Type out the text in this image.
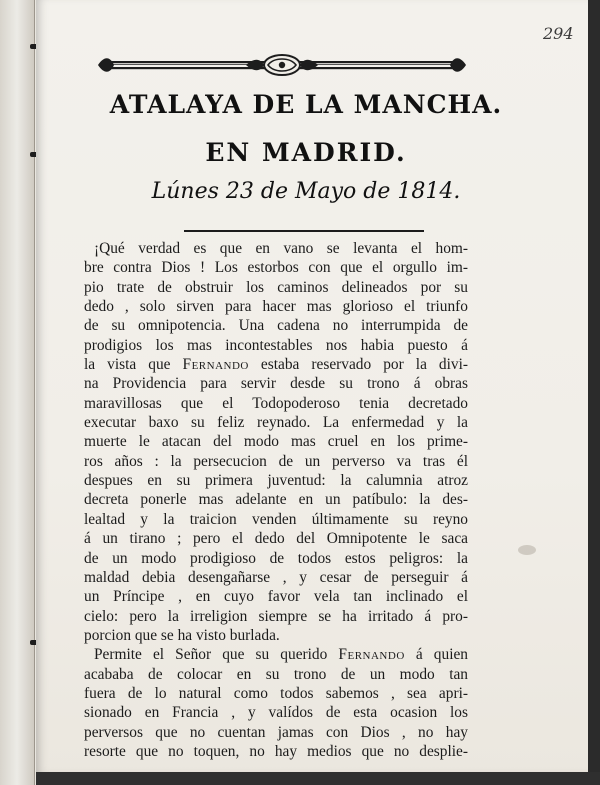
294
ATALAYA DE LA MANCHA.
EN MADRID.
Lúnes 23 de Mayo de 1814.
¡Qué verdad es que en vano se levanta el hom-
bre contra Dios ! Los estorbos con que el orgullo im-
pio trate de obstruir los caminos delineados por su
dedo , solo sirven para hacer mas glorioso el triunfo
de su omnipotencia. Una cadena no interrumpida de
prodigios los mas incontestables nos habia puesto á
la vista que Fernando estaba reservado por la divi-
na Providencia para servir desde su trono á obras
maravillosas que el Todopoderoso tenia decretado
executar baxo su feliz reynado. La enfermedad y la
muerte le atacan del modo mas cruel en los prime-
ros años : la persecucion de un perverso va tras él
despues en su primera juventud: la calumnia atroz
decreta ponerle mas adelante en un patíbulo: la des-
lealtad y la traicion venden últimamente su reyno
á un tirano ; pero el dedo del Omnipotente le saca
de un modo prodigioso de todos estos peligros: la
maldad debia desengañarse , y cesar de perseguir á
un Príncipe , en cuyo favor vela tan inclinado el
cielo: pero la irreligion siempre se ha irritado á pro-
porcion que se ha visto burlada.
Permite el Señor que su querido Fernando á quien
acababa de colocar en su trono de un modo tan
fuera de lo natural como todos sabemos , sea apri-
sionado en Francia , y valídos de esta ocasion los
perversos que no cuentan jamas con Dios , no hay
resorte que no toquen, no hay medios que no desplie-
